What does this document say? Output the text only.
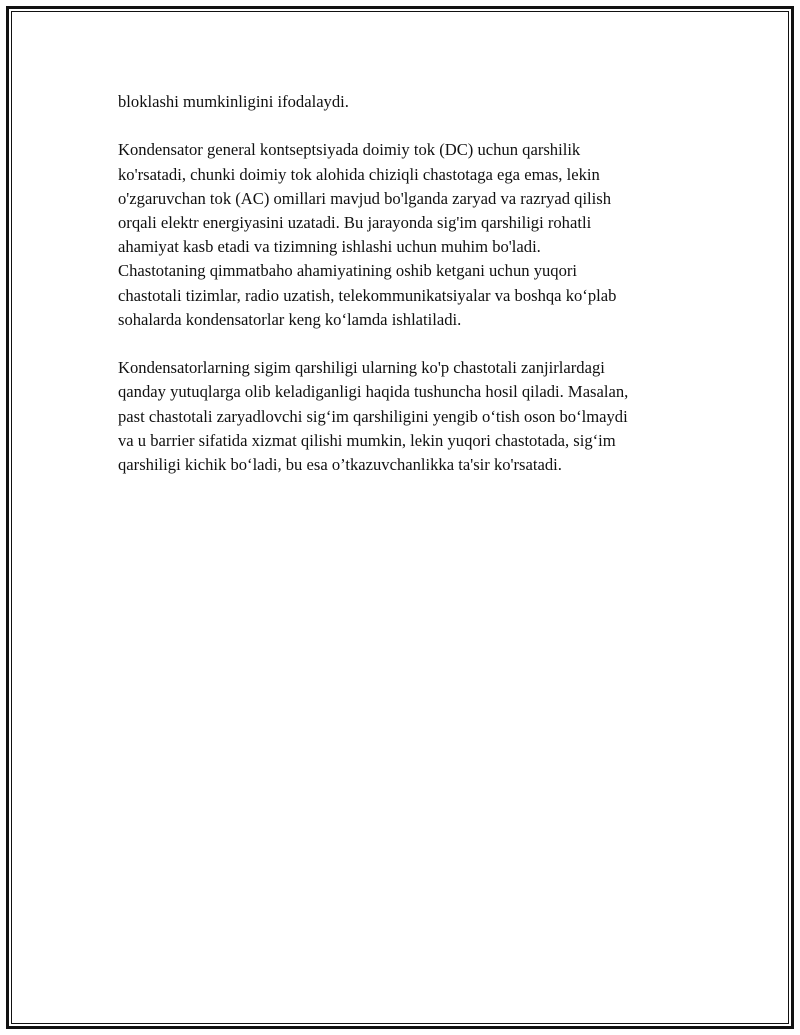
bloklashi mumkinligini ifodalaydi.

Kondensator general kontseptsiyada doimiy tok (DC) uchun qarshilik
ko'rsatadi, chunki doimiy tok alohida chiziqli chastotaga ega emas, lekin
o'zgaruvchan tok (AC) omillari mavjud bo'lganda zaryad va razryad qilish
orqali elektr energiyasini uzatadi. Bu jarayonda sig'im qarshiligi rohatli
ahamiyat kasb etadi va tizimning ishlashi uchun muhim bo'ladi.
Chastotaning qimmatbaho ahamiyatining oshib ketgani uchun yuqori
chastotali tizimlar, radio uzatish, telekommunikatsiyalar va boshqa ko‘plab
sohalarda kondensatorlar keng ko‘lamda ishlatiladi.

Kondensatorlarning sigim qarshiligi ularning ko'p chastotali zanjirlardagi
qanday yutuqlarga olib keladiganligi haqida tushuncha hosil qiladi. Masalan,
past chastotali zaryadlovchi sig‘im qarshiligini yengib o‘tish oson bo‘lmaydi
va u barrier sifatida xizmat qilishi mumkin, lekin yuqori chastotada, sig‘im
qarshiligi kichik bo‘ladi, bu esa o’tkazuvchanlikka ta'sir ko'rsatadi.
